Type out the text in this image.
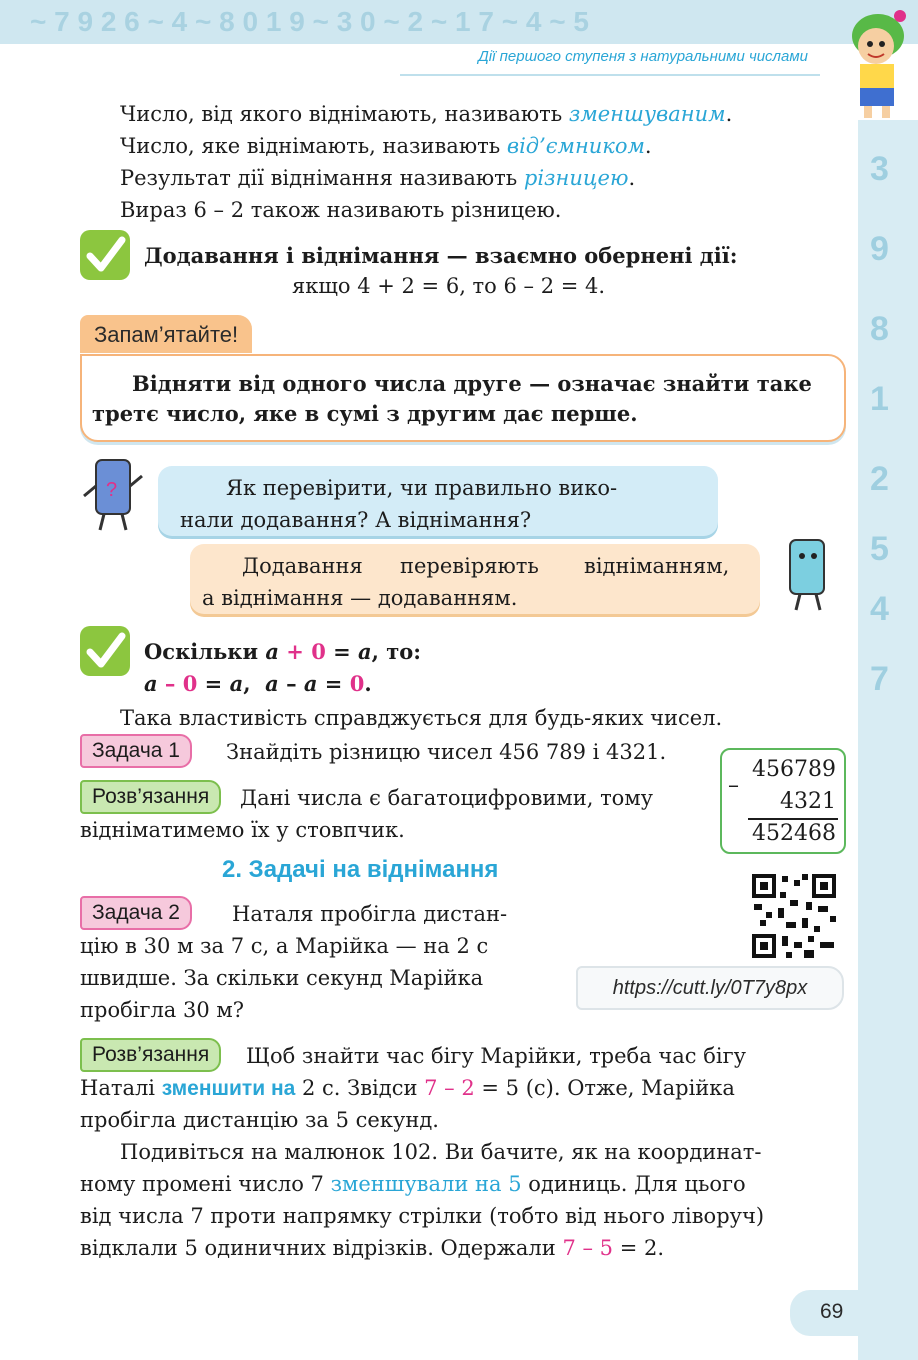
~ 7 9 2 6 ~ 4 ~ 8 0 1 9 ~ 3 0 ~ 2 ~ 1 7 ~ 4 ~ 5
Дії першого ступеня з натуральними числами
3
9
8
1
2
5
4
7
Число, від якого віднімають, називають зменшуваним.
Число, яке віднімають, називають від’ємником.
Результат дії віднімання називають різницею.
Вираз 6 – 2 також називають різницею.
Додавання і віднімання — взаємно обернені дії:
якщо 4 + 2 = 6, то 6 – 2 = 4.
Запам’ятайте!
Відняти від одного числа друге — означає знайти таке
третє число, яке в сумі з другим дає перше.
?	Як перевірити, чи правильно вико-
нали додавання? А віднімання?
Додавання перевіряють відніманням,
а віднімання — додаванням.
Оскільки a + 0 = a, то:
a – 0 = a, a – a = 0.
Така властивість справджується для будь-яких чисел.
Задача 1	Знайдіть різницю чисел 456 789 і 4321.
Розв’язання	Дані числа є багатоцифровими, тому
відніматимемо їх у стовпчик.
456789
–
4321
452468
2. Задачі на віднімання
Задача 2	Наталя пробігла дистан-
цію в 30 м за 7 с, а Марійка — на 2 с
швидше. За скільки секунд Марійка
пробігла 30 м?
https://cutt.ly/0T7y8px
Розв’язання	Щоб знайти час бігу Марійки, треба час бігу
Наталі зменшити на 2 с. Звідси 7 – 2 = 5 (с). Отже, Марійка
пробігла дистанцію за 5 секунд.
Подивіться на малюнок 102. Ви бачите, як на координат-
ному промені число 7 зменшували на 5 одиниць. Для цього
від числа 7 проти напрямку стрілки (тобто від нього ліворуч)
відклали 5 одиничних відрізків. Одержали 7 – 5 = 2.
69
